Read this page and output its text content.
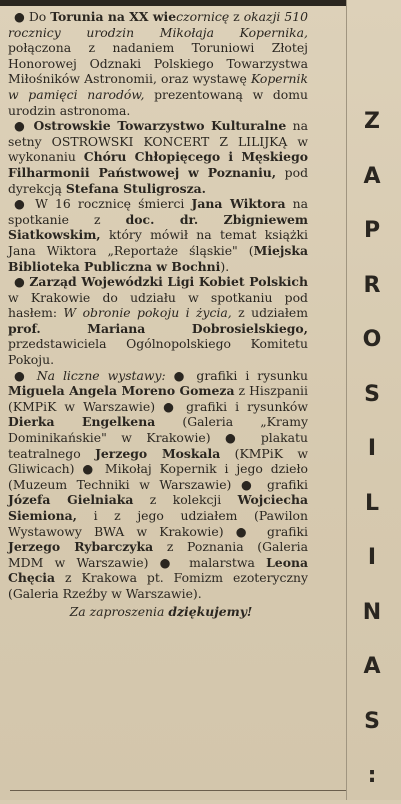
● Do Torunia na XX wieczornicę z okazji 510 rocznicy urodzin Mikołaja Kopernika, połączona z nadaniem Toruniowi Złotej Honorowej Odznaki Polskiego Towarzystwa Miłośników Astronomii, oraz wystawę Kopernik w pamięci narodów, prezentowaną w domu urodzin astronoma.

● Ostrowskie Towarzystwo Kulturalne na setny OSTROWSKI KONCERT Z LILIJKĄ w wykonaniu Chóru Chłopięcego i Męskiego Filharmonii Państwowej w Poznaniu, pod dyrekcją Stefana Stuligrosza.

● W 16 rocznicę śmierci Jana Wiktora na spotkanie z doc. dr. Zbigniewem Siatkowskim, który mówił na temat książki Jana Wiktora „Reportaże śląskie" (Miejska Biblioteka Publiczna w Bochni).

● Zarząd Wojewódzki Ligi Kobiet Polskich w Krakowie do udziału w spotkaniu pod hasłem: W obronie pokoju i życia, z udziałem prof. Mariana Dobrosielskiego, przedstawiciela Ogólnopolskiego Komitetu Pokoju.

● Na liczne wystawy: ● grafiki i rysunku Miguela Angela Moreno Gomeza z Hiszpanii (KMPiK w Warszawie) ● grafiki i rysunków Dierka Engelkena (Galeria „Kramy Dominikańskie" w Krakowie) ● plakatu teatralnego Jerzego Moskala (KMPiK w Gliwicach) ● Mikołaj Kopernik i jego dzieło (Muzeum Techniki w Warszawie) ● grafiki Józefa Gielniaka z kolekcji Wojciecha Siemiona, i z jego udziałem (Pawilon Wystawowy BWA w Krakowie) ● grafiki Jerzego Rybarczyka z Poznania (Galeria MDM w Warszawie) ● malarstwa Leona Chęcia z Krakowa pt. Fomizm ezoteryczny (Galeria Rzeźby w Warszawie).

Za zaproszenia dziękujemy!

Z
A
P
R
O
S
I
L
I
N
A
S
:
